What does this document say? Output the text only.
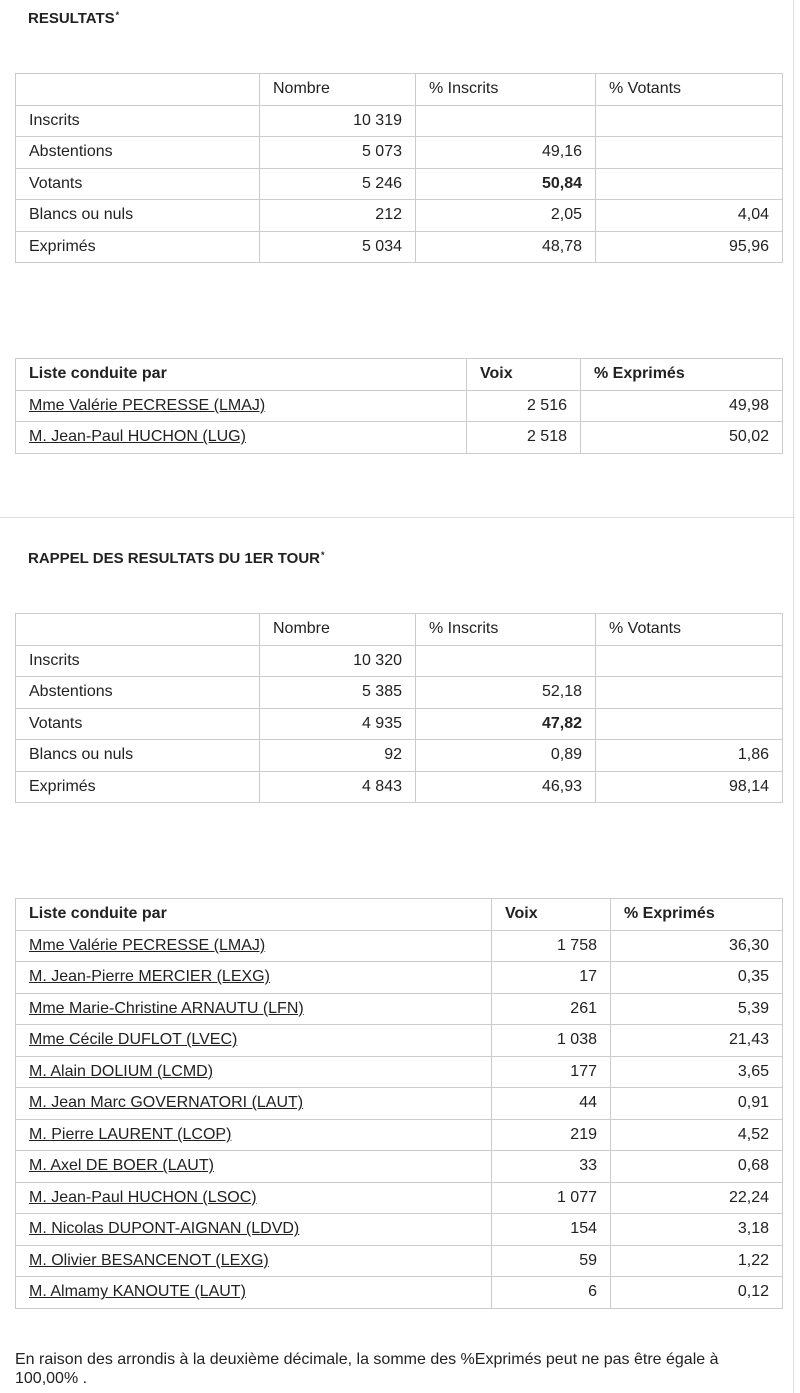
RESULTATS*
	Nombre	% Inscrits	% Votants
Inscrits	10 319		
Abstentions	5 073	49,16	
Votants	5 246	50,84	
Blancs ou nuls	212	2,05	4,04
Exprimés	5 034	48,78	95,96
Liste conduite par	Voix	% Exprimés
Mme Valérie PECRESSE (LMAJ)	2 516	49,98
M. Jean-Paul HUCHON (LUG)	2 518	50,02
RAPPEL DES RESULTATS DU 1ER TOUR*
	Nombre	% Inscrits	% Votants
Inscrits	10 320		
Abstentions	5 385	52,18	
Votants	4 935	47,82	
Blancs ou nuls	92	0,89	1,86
Exprimés	4 843	46,93	98,14
Liste conduite par	Voix	% Exprimés
Mme Valérie PECRESSE (LMAJ)	1 758	36,30
M. Jean-Pierre MERCIER (LEXG)	17	0,35
Mme Marie-Christine ARNAUTU (LFN)	261	5,39
Mme Cécile DUFLOT (LVEC)	1 038	21,43
M. Alain DOLIUM (LCMD)	177	3,65
M. Jean Marc GOVERNATORI (LAUT)	44	0,91
M. Pierre LAURENT (LCOP)	219	4,52
M. Axel DE BOER (LAUT)	33	0,68
M. Jean-Paul HUCHON (LSOC)	1 077	22,24
M. Nicolas DUPONT-AIGNAN (LDVD)	154	3,18
M. Olivier BESANCENOT (LEXG)	59	1,22
M. Almamy KANOUTE (LAUT)	6	0,12

En raison des arrondis à la deuxième décimale, la somme des %Exprimés peut ne pas être égale à 100,00% .
